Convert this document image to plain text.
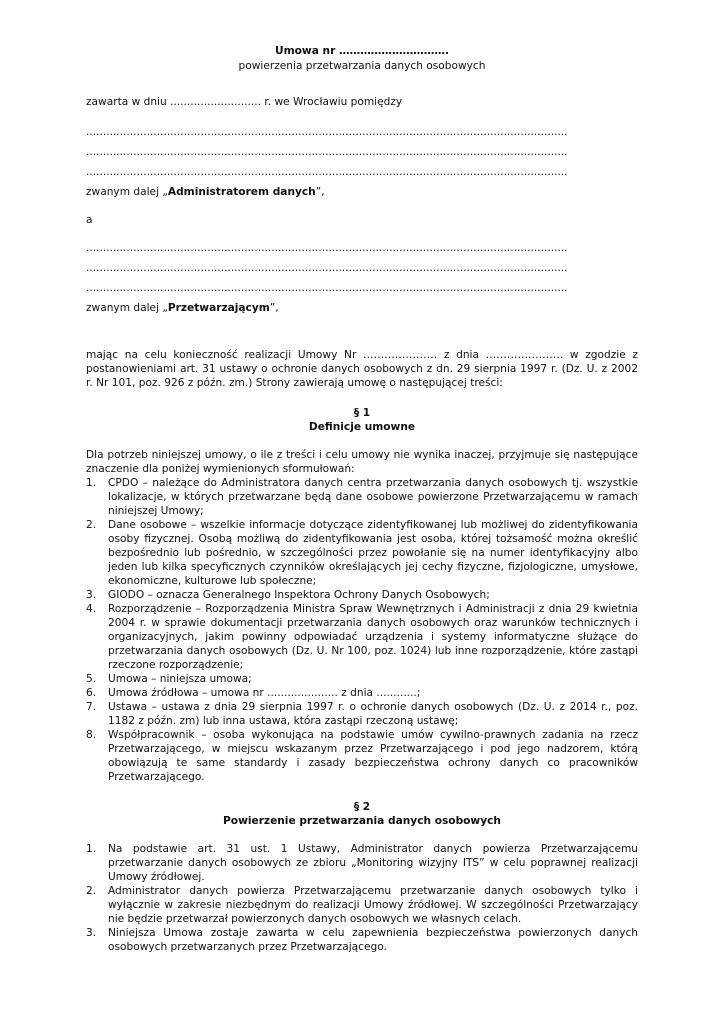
Umowa nr ………………………….

powierzenia przetwarzania danych osobowych

zawarta w dniu ........................... r. we Wrocławiu pomiędzy

...............................................................................................................................................

...............................................................................................................................................

...............................................................................................................................................

zwanym dalej „Administratorem danych”,

a

...............................................................................................................................................

...............................................................................................................................................

...............................................................................................................................................

zwanym dalej „Przetwarzającym”,

mając na celu konieczność realizacji Umowy Nr ………………… z dnia …………………. w zgodzie z postanowieniami art. 31 ustawy o ochronie danych osobowych z dn. 29 sierpnia 1997 r. (Dz. U. z 2002 r. Nr 101, poz. 926 z późn. zm.) Strony zawierają umowę o następującej treści:

§ 1

Definicje umowne

Dla potrzeb niniejszej umowy, o ile z treści i celu umowy nie wynika inaczej, przyjmuje się następujące znaczenie dla poniżej wymienionych sformułowań:

1. CPDO – należące do Administratora danych centra przetwarzania danych osobowych tj. wszystkie lokalizacje, w których przetwarzane będą dane osobowe powierzone Przetwarzającemu w ramach niniejszej Umowy;
2. Dane osobowe – wszelkie informacje dotyczące zidentyfikowanej lub możliwej do zidentyfikowania osoby fizycznej. Osobą możliwą do zidentyfikowania jest osoba, której tożsamość można określić bezpośrednio lub pośrednio, w szczególności przez powołanie się na numer identyfikacyjny albo jeden lub kilka specyficznych czynników określających jej cechy fizyczne, fizjologiczne, umysłowe, ekonomiczne, kulturowe lub społeczne;
3. GIODO – oznacza Generalnego Inspektora Ochrony Danych Osobowych;
4. Rozporządzenie – Rozporządzenia Ministra Spraw Wewnętrznych i Administracji z dnia 29 kwietnia 2004 r. w sprawie dokumentacji przetwarzania danych osobowych oraz warunków technicznych i organizacyjnych, jakim powinny odpowiadać urządzenia i systemy informatyczne służące do przetwarzania danych osobowych (Dz. U. Nr 100, poz. 1024) lub inne rozporządzenie, które zastąpi rzeczone rozporządzenie;
5. Umowa – niniejsza umowa;
6. Umowa źródłowa – umowa nr ..................... z dnia ............;
7. Ustawa – ustawa z dnia 29 sierpnia 1997 r. o ochronie danych osobowych (Dz. U. z 2014 r., poz. 1182 z późn. zm) lub inna ustawa, która zastąpi rzeczoną ustawę;
8. Współpracownik – osoba wykonująca na podstawie umów cywilno-prawnych zadania na rzecz Przetwarzającego, w miejscu wskazanym przez Przetwarzającego i pod jego nadzorem, którą obowiązują te same standardy i zasady bezpieczeństwa ochrony danych co pracowników Przetwarzającego.

§ 2

Powierzenie przetwarzania danych osobowych

1. Na podstawie art. 31 ust. 1 Ustawy, Administrator danych powierza Przetwarzającemu przetwarzanie danych osobowych ze zbioru „Monitoring wizyjny ITS” w celu poprawnej realizacji Umowy źródłowej.
2. Administrator danych powierza Przetwarzającemu przetwarzanie danych osobowych tylko i wyłącznie w zakresie niezbędnym do realizacji Umowy źródłowej. W szczególności Przetwarzający nie będzie przetwarzał powierzonych danych osobowych we własnych celach.
3. Niniejsza Umowa zostaje zawarta w celu zapewnienia bezpieczeństwa powierzonych danych osobowych przetwarzanych przez Przetwarzającego.
